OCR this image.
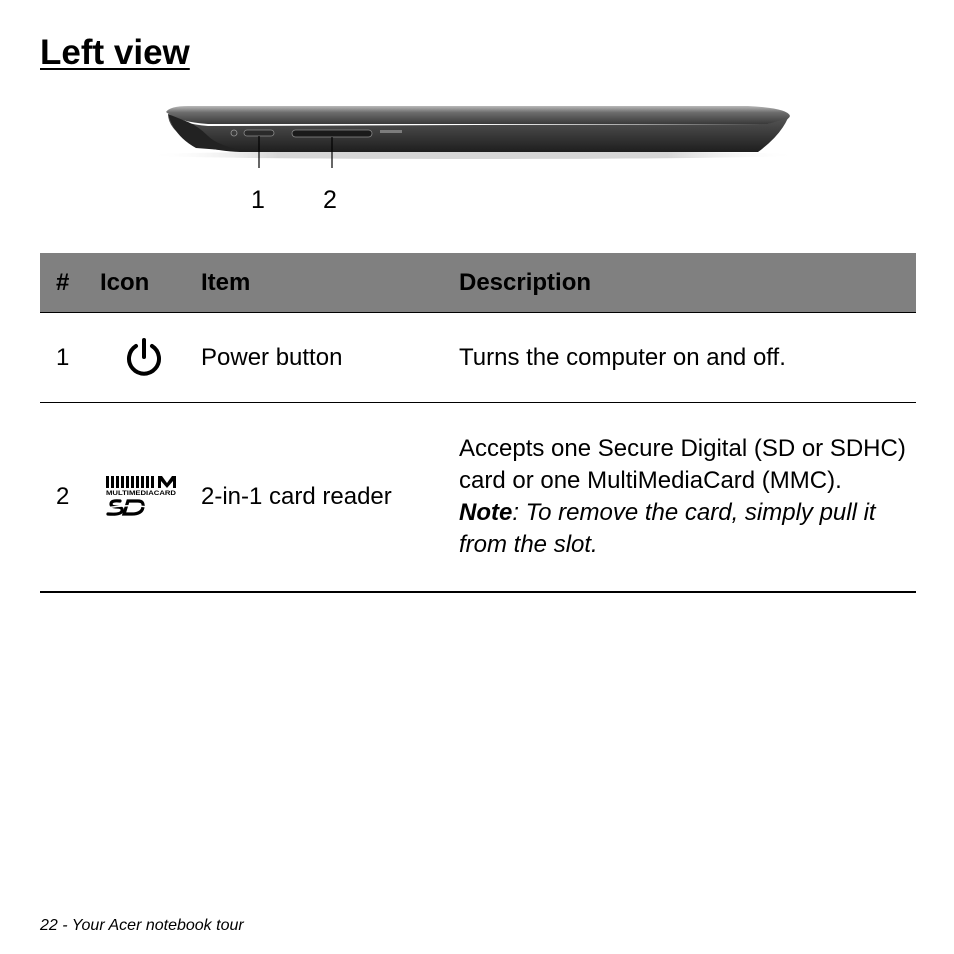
Left view
1 2
#	Icon	Item	Description
1		Power button	Turns the computer on and off.
2	MULTIMEDIACARD	2-in-1 card reader	Accepts one Secure Digital (SD or SDHC) card or one MultiMediaCard (MMC).
Note: To remove the card, simply pull it from the slot.
22 - Your Acer notebook tour
